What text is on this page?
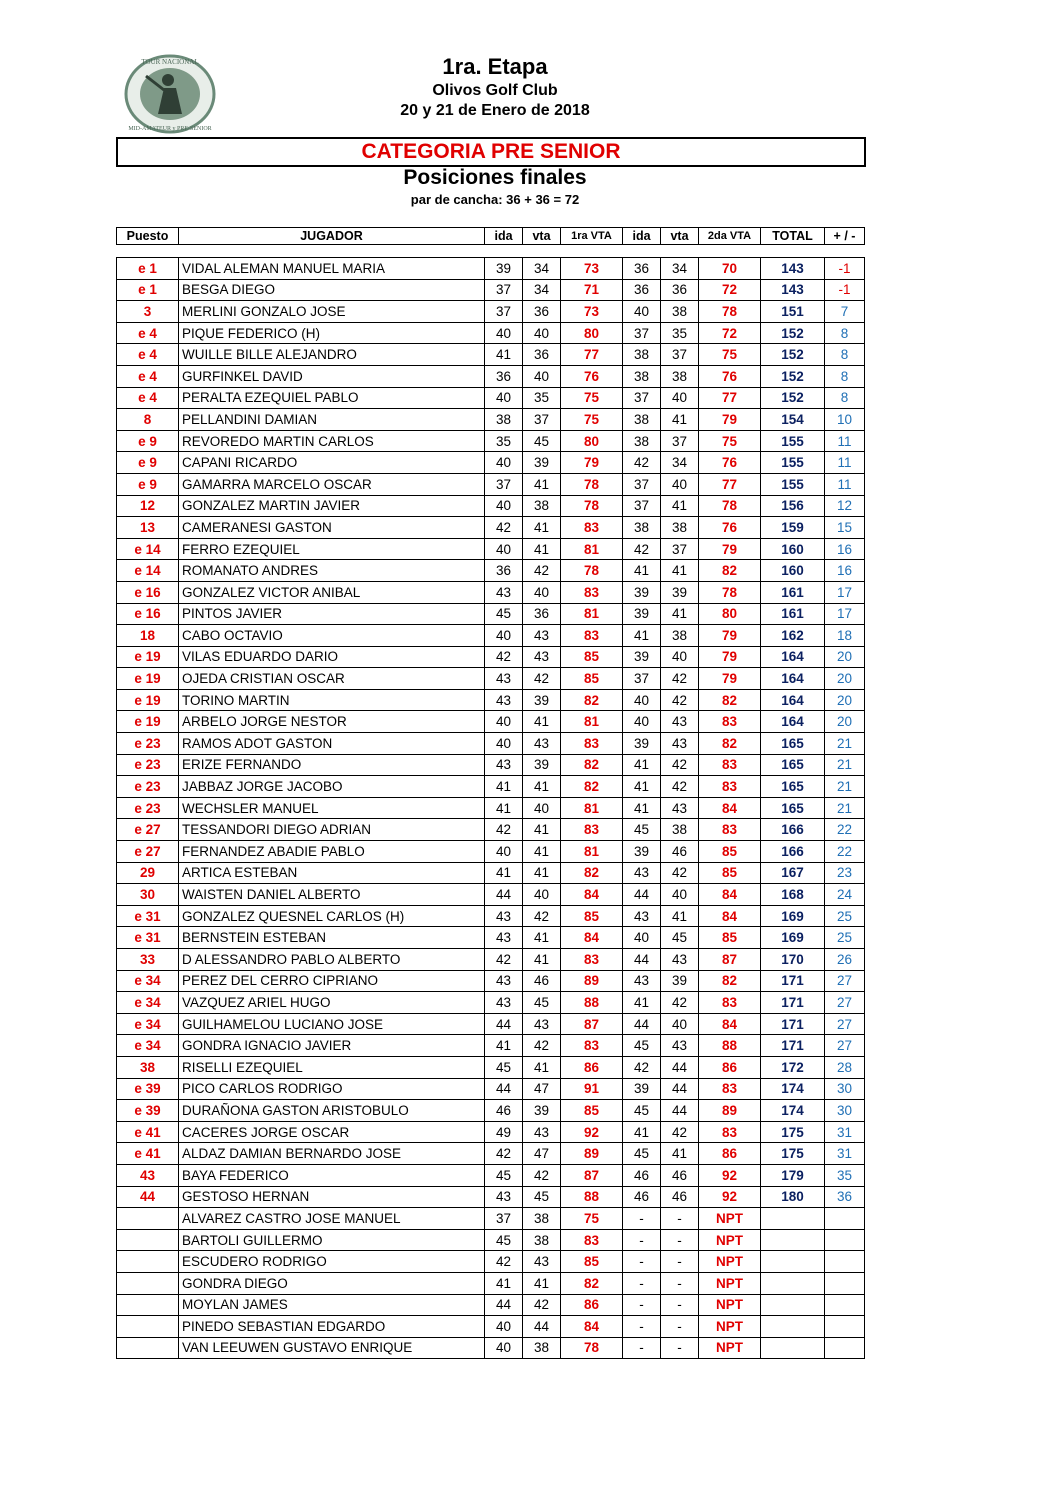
TOUR NACIONAL
MID-AMATEUR y PRE-SENIOR
1ra. Etapa
Olivos Golf Club
20 y 21 de Enero de 2018
CATEGORIA PRE SENIOR
Posiciones finales
par de cancha: 36 + 36 = 72
Puesto	JUGADOR	ida	vta	1ra VTA	ida	vta	2da VTA	TOTAL	+ / -
e 1	VIDAL ALEMAN MANUEL MARIA	39	34	73	36	34	70	143	-1
e 1	BESGA DIEGO	37	34	71	36	36	72	143	-1
3	MERLINI GONZALO JOSE	37	36	73	40	38	78	151	7
e 4	PIQUE FEDERICO (H)	40	40	80	37	35	72	152	8
e 4	WUILLE BILLE ALEJANDRO	41	36	77	38	37	75	152	8
e 4	GURFINKEL DAVID	36	40	76	38	38	76	152	8
e 4	PERALTA EZEQUIEL PABLO	40	35	75	37	40	77	152	8
8	PELLANDINI DAMIAN	38	37	75	38	41	79	154	10
e 9	REVOREDO MARTIN CARLOS	35	45	80	38	37	75	155	11
e 9	CAPANI RICARDO	40	39	79	42	34	76	155	11
e 9	GAMARRA MARCELO OSCAR	37	41	78	37	40	77	155	11
12	GONZALEZ MARTIN JAVIER	40	38	78	37	41	78	156	12
13	CAMERANESI GASTON	42	41	83	38	38	76	159	15
e 14	FERRO EZEQUIEL	40	41	81	42	37	79	160	16
e 14	ROMANATO ANDRES	36	42	78	41	41	82	160	16
e 16	GONZALEZ VICTOR ANIBAL	43	40	83	39	39	78	161	17
e 16	PINTOS JAVIER	45	36	81	39	41	80	161	17
18	CABO OCTAVIO	40	43	83	41	38	79	162	18
e 19	VILAS EDUARDO DARIO	42	43	85	39	40	79	164	20
e 19	OJEDA CRISTIAN OSCAR	43	42	85	37	42	79	164	20
e 19	TORINO MARTIN	43	39	82	40	42	82	164	20
e 19	ARBELO JORGE NESTOR	40	41	81	40	43	83	164	20
e 23	RAMOS ADOT GASTON	40	43	83	39	43	82	165	21
e 23	ERIZE FERNANDO	43	39	82	41	42	83	165	21
e 23	JABBAZ JORGE JACOBO	41	41	82	41	42	83	165	21
e 23	WECHSLER MANUEL	41	40	81	41	43	84	165	21
e 27	TESSANDORI DIEGO ADRIAN	42	41	83	45	38	83	166	22
e 27	FERNANDEZ ABADIE PABLO	40	41	81	39	46	85	166	22
29	ARTICA ESTEBAN	41	41	82	43	42	85	167	23
30	WAISTEN DANIEL ALBERTO	44	40	84	44	40	84	168	24
e 31	GONZALEZ QUESNEL CARLOS (H)	43	42	85	43	41	84	169	25
e 31	BERNSTEIN ESTEBAN	43	41	84	40	45	85	169	25
33	D ALESSANDRO PABLO ALBERTO	42	41	83	44	43	87	170	26
e 34	PEREZ DEL CERRO CIPRIANO	43	46	89	43	39	82	171	27
e 34	VAZQUEZ ARIEL HUGO	43	45	88	41	42	83	171	27
e 34	GUILHAMELOU LUCIANO JOSE	44	43	87	44	40	84	171	27
e 34	GONDRA IGNACIO JAVIER	41	42	83	45	43	88	171	27
38	RISELLI EZEQUIEL	45	41	86	42	44	86	172	28
e 39	PICO CARLOS RODRIGO	44	47	91	39	44	83	174	30
e 39	DURAÑONA GASTON ARISTOBULO	46	39	85	45	44	89	174	30
e 41	CACERES JORGE OSCAR	49	43	92	41	42	83	175	31
e 41	ALDAZ DAMIAN BERNARDO JOSE	42	47	89	45	41	86	175	31
43	BAYA FEDERICO	45	42	87	46	46	92	179	35
44	GESTOSO HERNAN	43	45	88	46	46	92	180	36
	ALVAREZ CASTRO JOSE MANUEL	37	38	75	-	-	NPT		
	BARTOLI GUILLERMO	45	38	83	-	-	NPT		
	ESCUDERO RODRIGO	42	43	85	-	-	NPT		
	GONDRA DIEGO	41	41	82	-	-	NPT		
	MOYLAN JAMES	44	42	86	-	-	NPT		
	PINEDO SEBASTIAN EDGARDO	40	44	84	-	-	NPT		
	VAN LEEUWEN GUSTAVO ENRIQUE	40	38	78	-	-	NPT		
